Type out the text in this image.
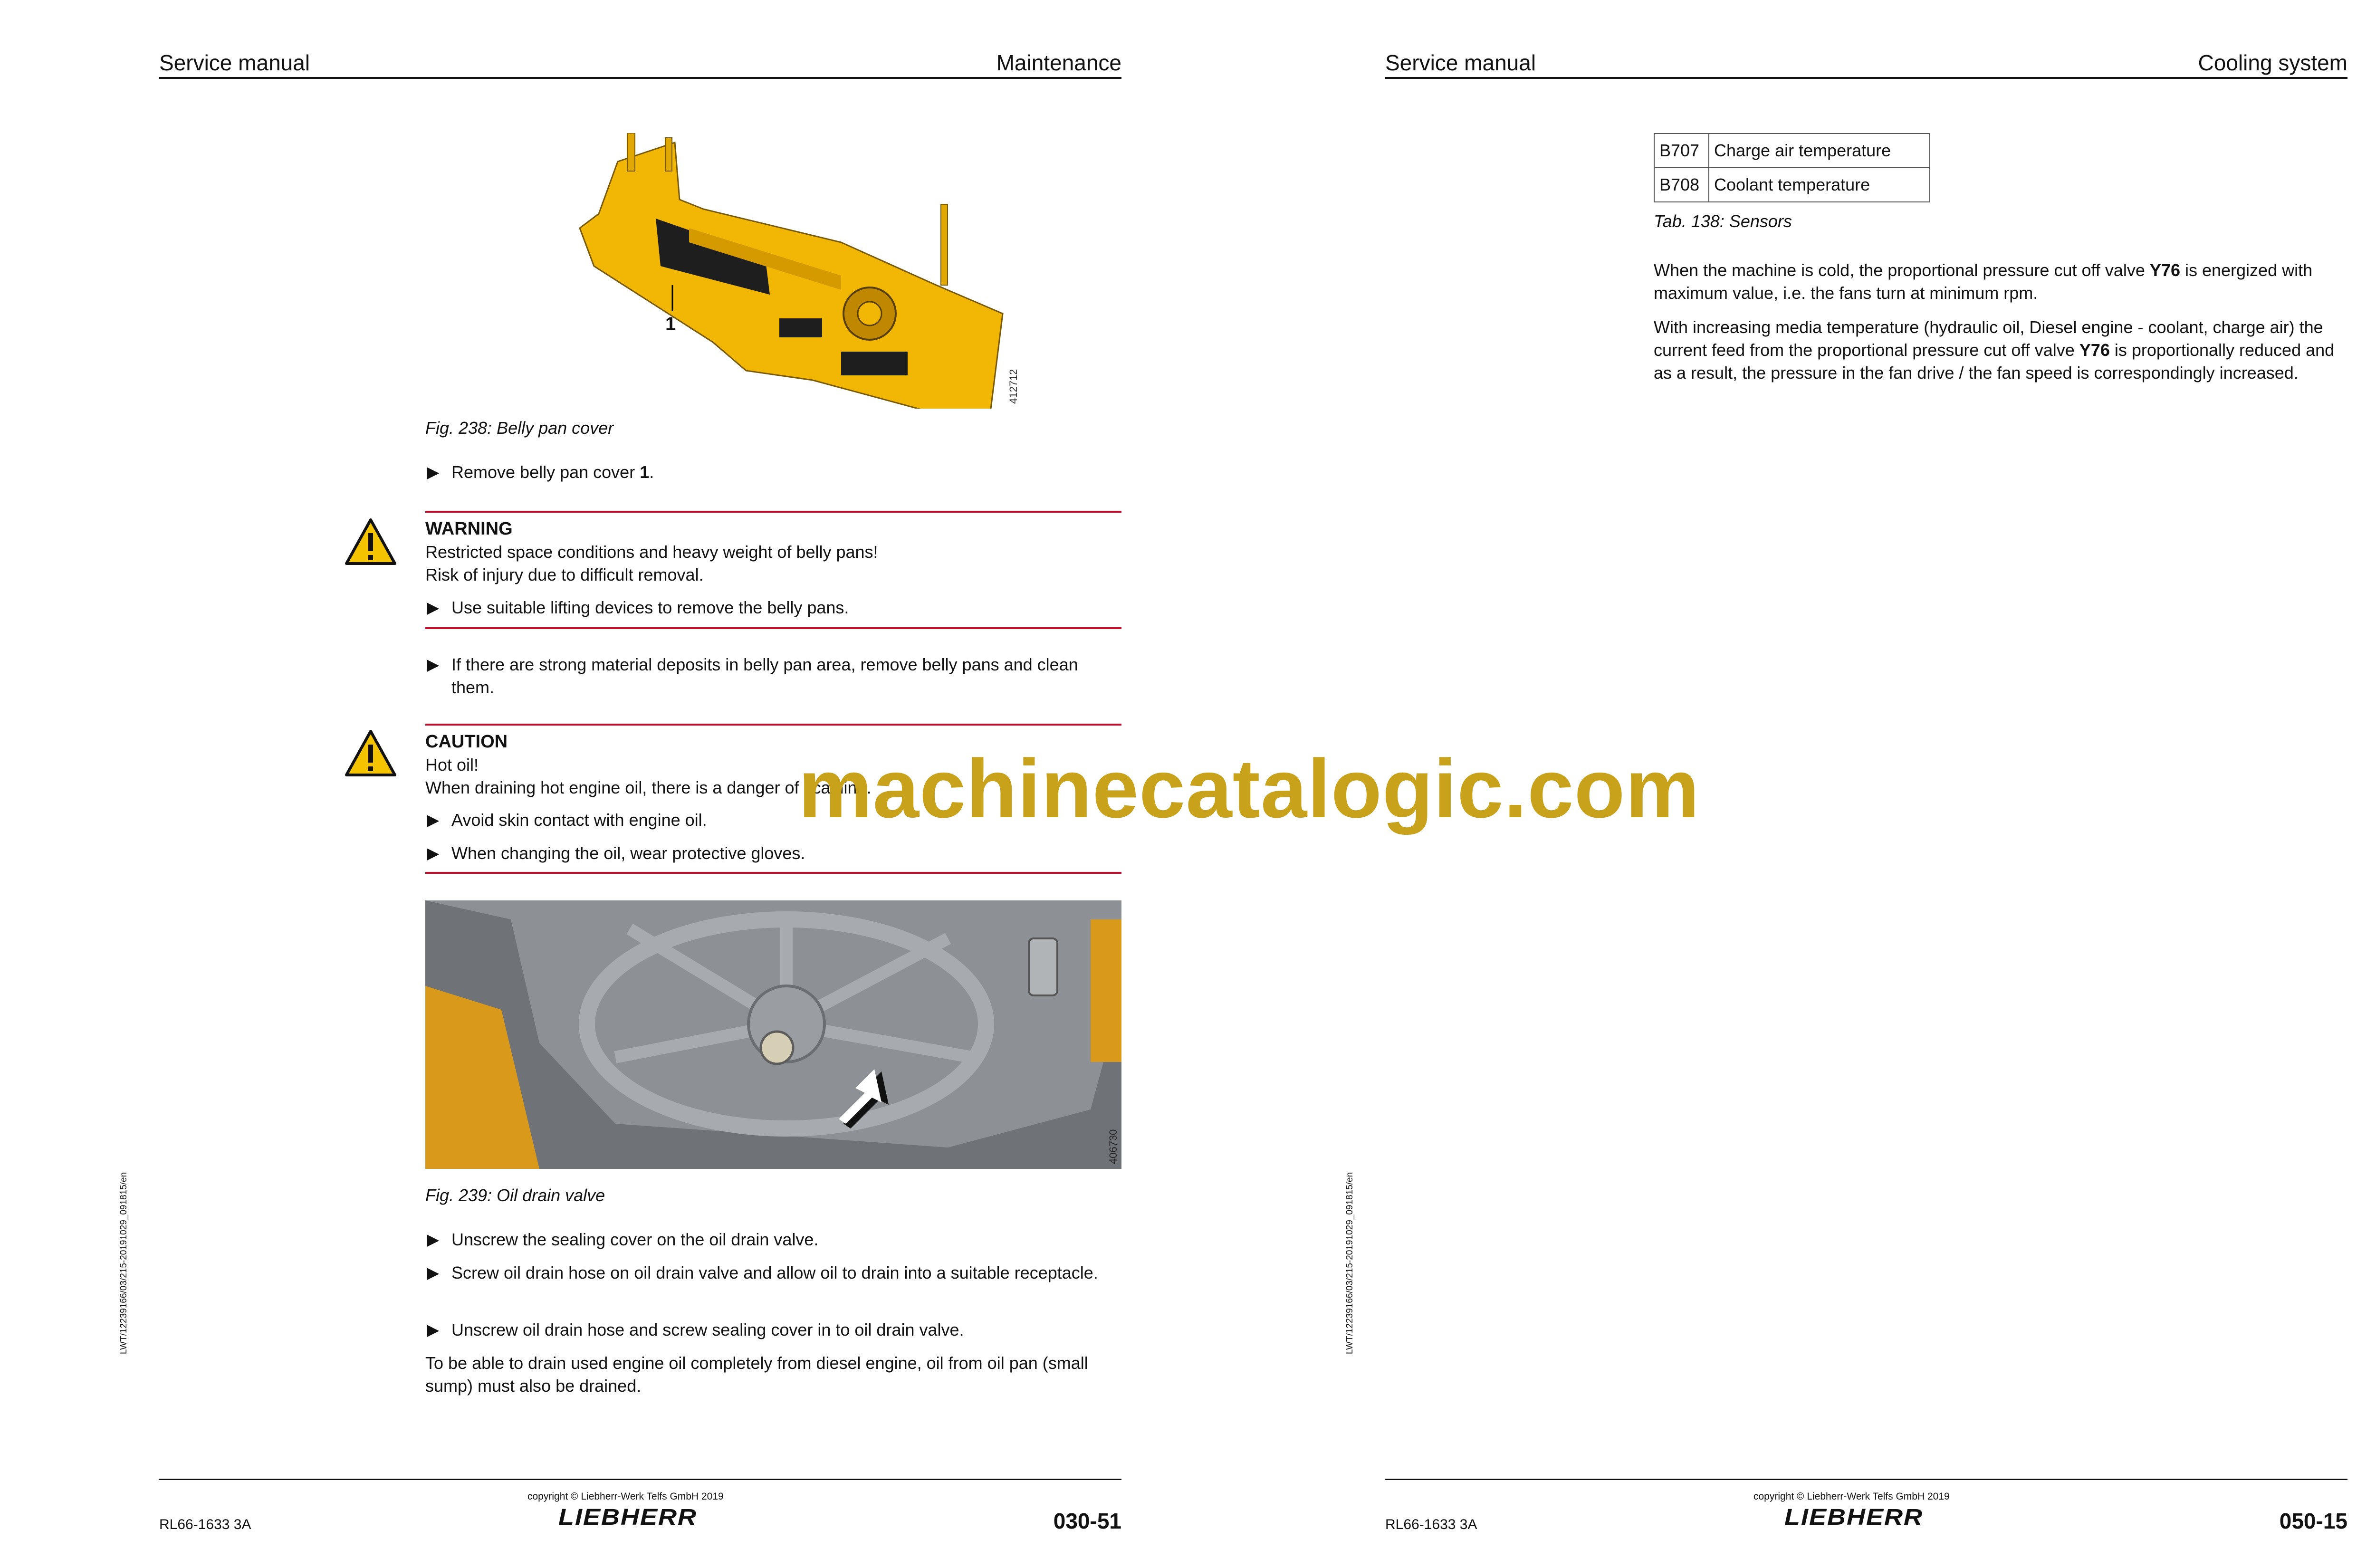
Service manual	Maintenance
LWT/12239166/03/215-20191029_091815/en
1
412712
Fig. 238: Belly pan cover
▶ Remove belly pan cover 1.
WARNING
Restricted space conditions and heavy weight of belly pans!
Risk of injury due to difficult removal.
▶ Use suitable lifting devices to remove the belly pans.
▶ If there are strong material deposits in belly pan area, remove belly pans and clean them.
CAUTION
Hot oil!
When draining hot engine oil, there is a danger of scalding.
▶ Avoid skin contact with engine oil.
▶ When changing the oil, wear protective gloves.
406730
Fig. 239: Oil drain valve
▶ Unscrew the sealing cover on the oil drain valve.
▶ Screw oil drain hose on oil drain valve and allow oil to drain into a suitable receptacle.
▶ Unscrew oil drain hose and screw sealing cover in to oil drain valve.
To be able to drain used engine oil completely from diesel engine, oil from oil pan (small sump) must also be drained.
copyright © Liebherr-Werk Telfs GmbH 2019
LIEBHERR
RL66-1633 3A	030-51
Service manual	Cooling system
LWT/12239166/03/215-20191029_091815/en
B707	Charge air temperature
B708	Coolant temperature
Tab. 138: Sensors
When the machine is cold, the proportional pressure cut off valve Y76 is energized with maximum value, i.e. the fans turn at minimum rpm.
With increasing media temperature (hydraulic oil, Diesel engine - coolant, charge air) the current feed from the proportional pressure cut off valve Y76 is proportionally reduced and as a result, the pressure in the fan drive / the fan speed is correspondingly increased.
copyright © Liebherr-Werk Telfs GmbH 2019
LIEBHERR
RL66-1633 3A	050-15
machinecatalogic.com
